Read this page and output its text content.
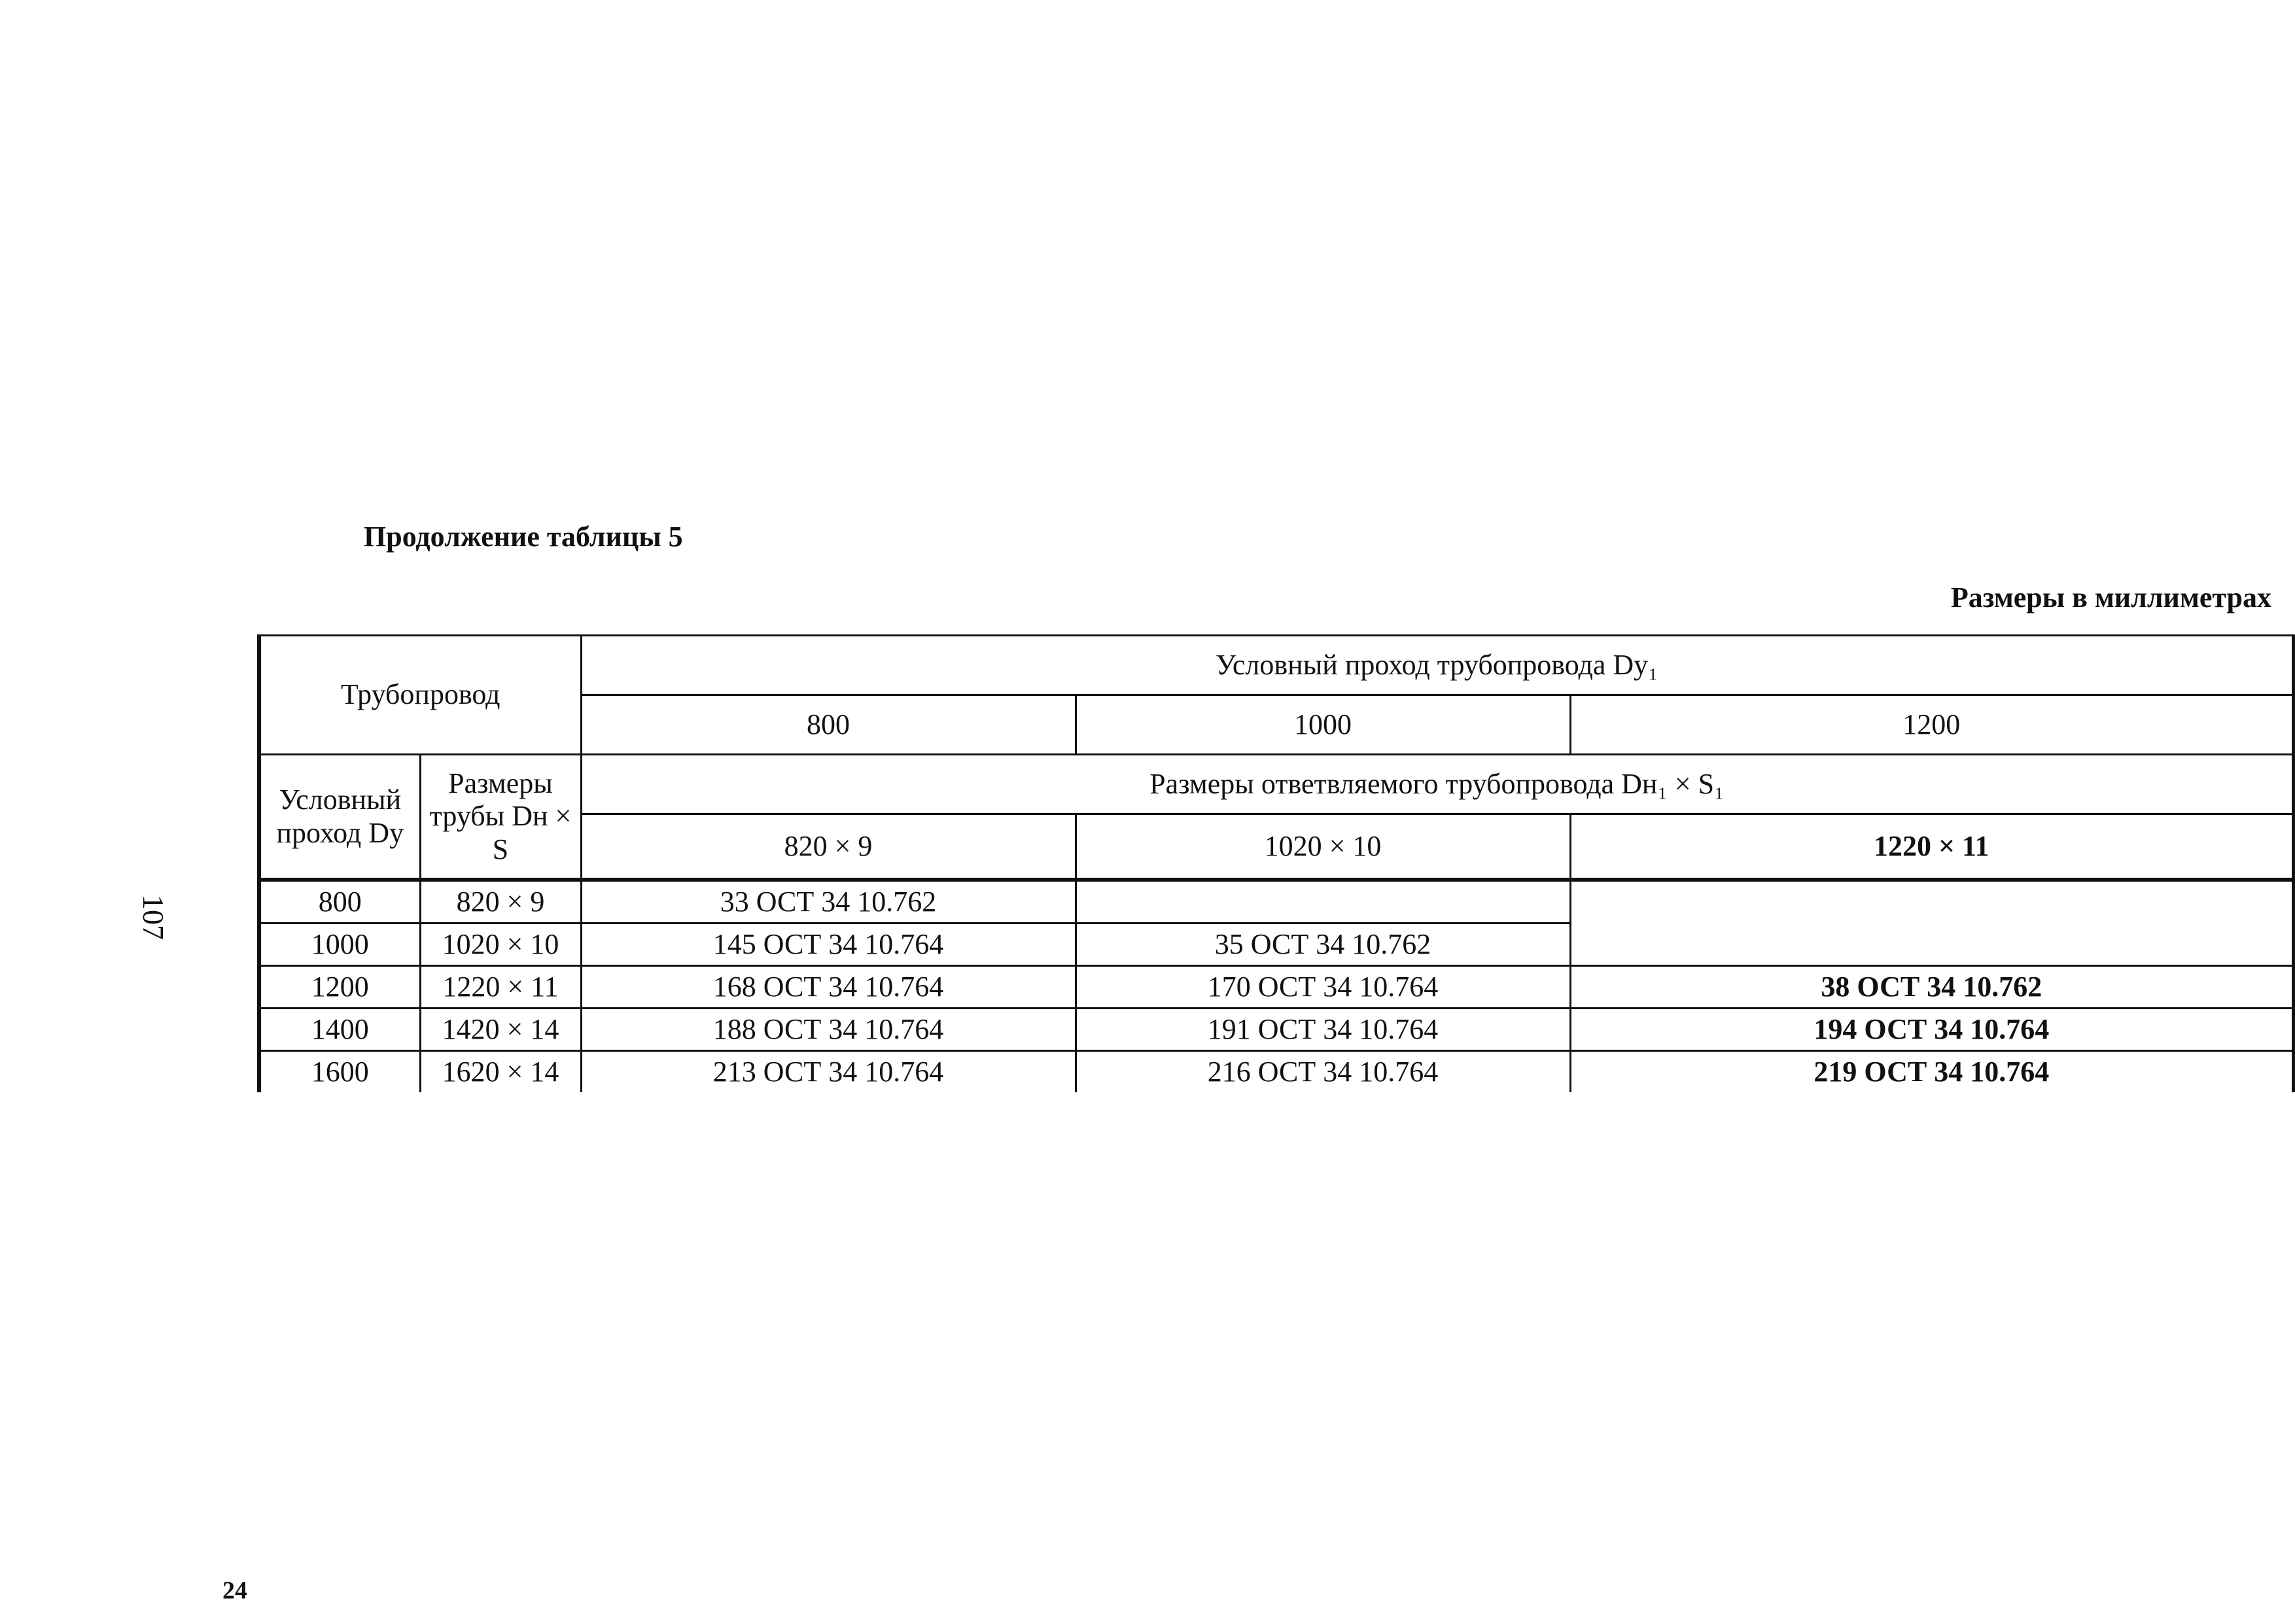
Продолжение таблицы 5
Размеры в миллиметрах
107
24
Трубопровод		Условный проход трубопровода Dу₁		
		800	1000	1200
Условный проход Dу	Размеры трубы Dн × S	Размеры ответвляемого трубопровода Dн₁ × S₁		
		820 × 9	1020 × 10	1220 × 11
800	820 × 9	33 ОСТ 34 10.762		
1000	1020 × 10	145 ОСТ 34 10.764	35 ОСТ 34 10.762	
1200	1220 × 11	168 ОСТ 34 10.764	170 ОСТ 34 10.764	38 ОСТ 34 10.762
1400	1420 × 14	188 ОСТ 34 10.764	191 ОСТ 34 10.764	194 ОСТ 34 10.764
1600	1620 × 14	213 ОСТ 34 10.764	216 ОСТ 34 10.764	219 ОСТ 34 10.764
